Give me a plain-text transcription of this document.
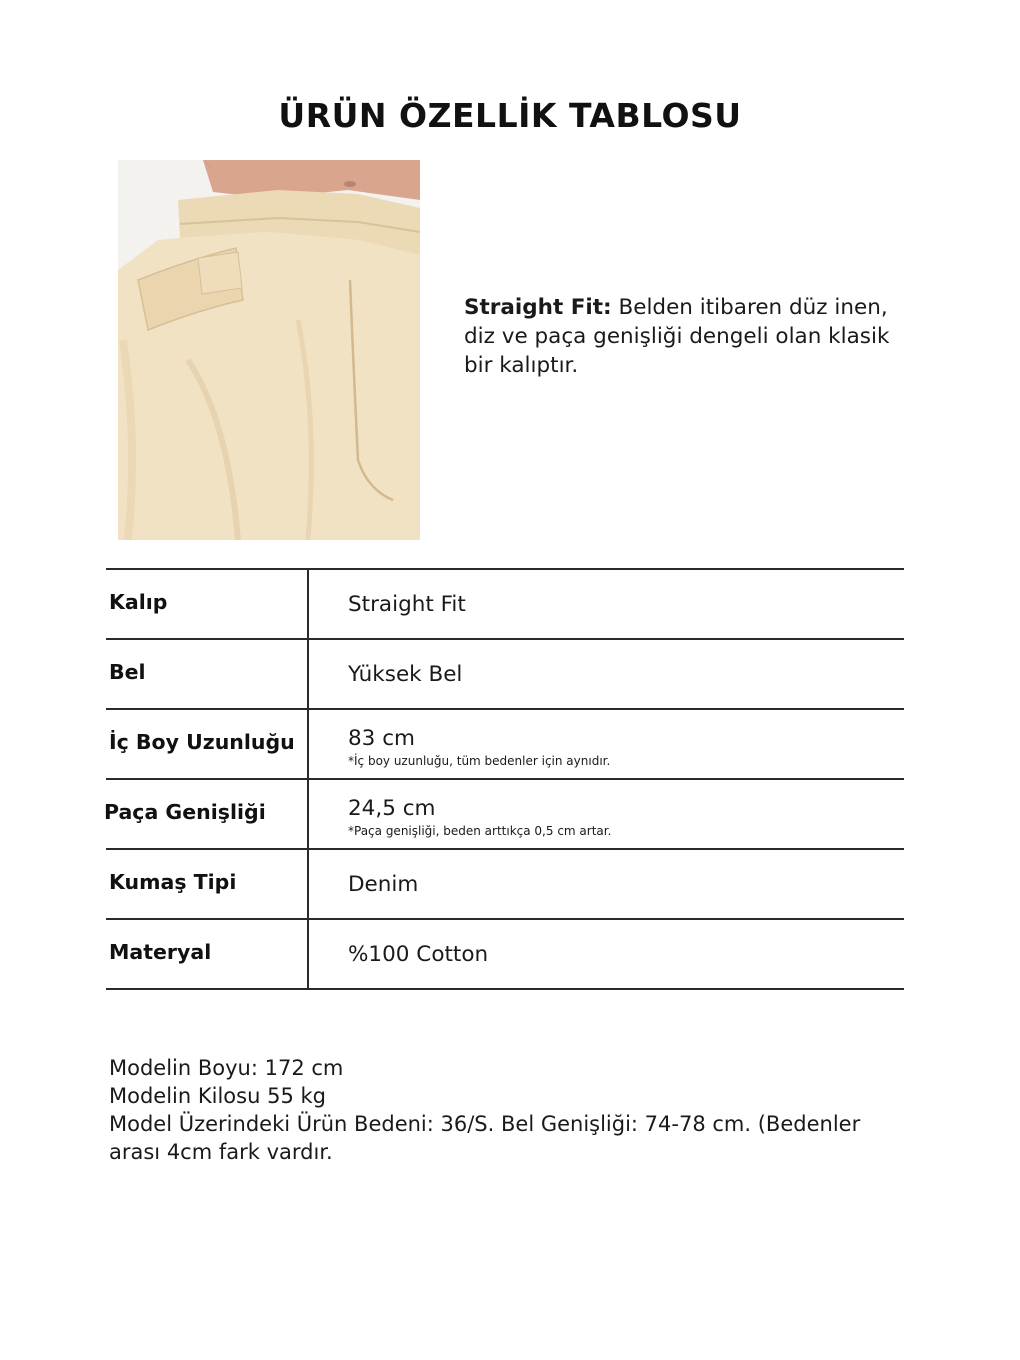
ÜRÜN ÖZELLİK TABLOSU
Straight Fit: Belden itibaren düz inen, diz ve paça genişliği dengeli olan klasik bir kalıptır.
Kalıp	Straight Fit
Bel	Yüksek Bel
İç Boy Uzunluğu 83 cm
*İç boy uzunluğu, tüm bedenler için aynıdır.
Paça Genişliği	24,5 cm
*Paça genişliği, beden arttıkça 0,5 cm artar.
Kumaş Tipi	Denim
Materyal	%100 Cotton
Modelin Boyu: 172 cm
Modelin Kilosu 55 kg
Model Üzerindeki Ürün Bedeni: 36/S. Bel Genişliği: 74-78 cm. (Bedenler arası 4cm fark vardır.
